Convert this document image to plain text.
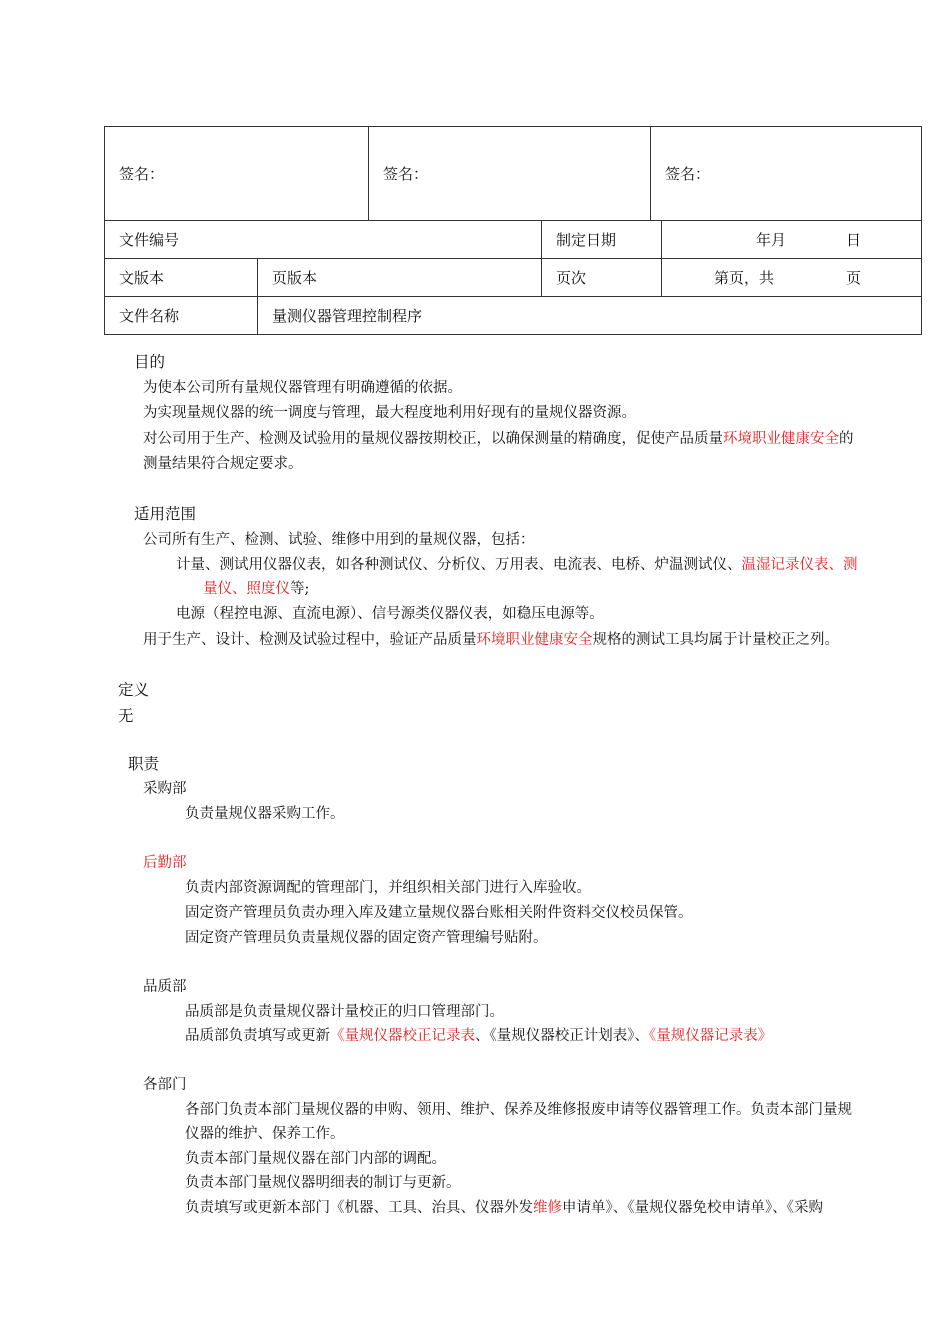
签名：	签名：	签名：
文件编号		制定日期	年月 日
文版本	页版本	页次	第页，共 页
文件名称	量测仪器管理控制程序		
目的
为使本公司所有量规仪器管理有明确遵循的依据。
为实现量规仪器的统一调度与管理，最大程度地利用好现有的量规仪器资源。
对公司用于生产、检测及试验用的量规仪器按期校正，以确保测量的精确度，促使产品质量环境职业健康安全的
测量结果符合规定要求。
适用范围
公司所有生产、检测、试验、维修中用到的量规仪器，包括：
计量、测试用仪器仪表，如各种测试仪、分析仪、万用表、电流表、电桥、炉温测试仪、温湿记录仪表、测
量仪、照度仪等;
电源（程控电源、直流电源）、信号源类仪器仪表，如稳压电源等。
用于生产、设计、检测及试验过程中，验证产品质量环境职业健康安全规格的测试工具均属于计量校正之列。
定义
无
职责
采购部
负责量规仪器采购工作。
后勤部
负责内部资源调配的管理部门，并组织相关部门进行入库验收。
固定资产管理员负责办理入库及建立量规仪器台账相关附件资料交仪校员保管。
固定资产管理员负责量规仪器的固定资产管理编号贴附。
品质部
品质部是负责量规仪器计量校正的归口管理部门。
品质部负责填写或更新《量规仪器校正记录表、《量规仪器校正计划表》、《量规仪器记录表》
各部门
各部门负责本部门量规仪器的申购、领用、维护、保养及维修报废申请等仪器管理工作。负责本部门量规
仪器的维护、保养工作。
负责本部门量规仪器在部门内部的调配。
负责本部门量规仪器明细表的制订与更新。
负责填写或更新本部门《机器、工具、治具、仪器外发维修申请单》、《量规仪器免校申请单》、《采购
